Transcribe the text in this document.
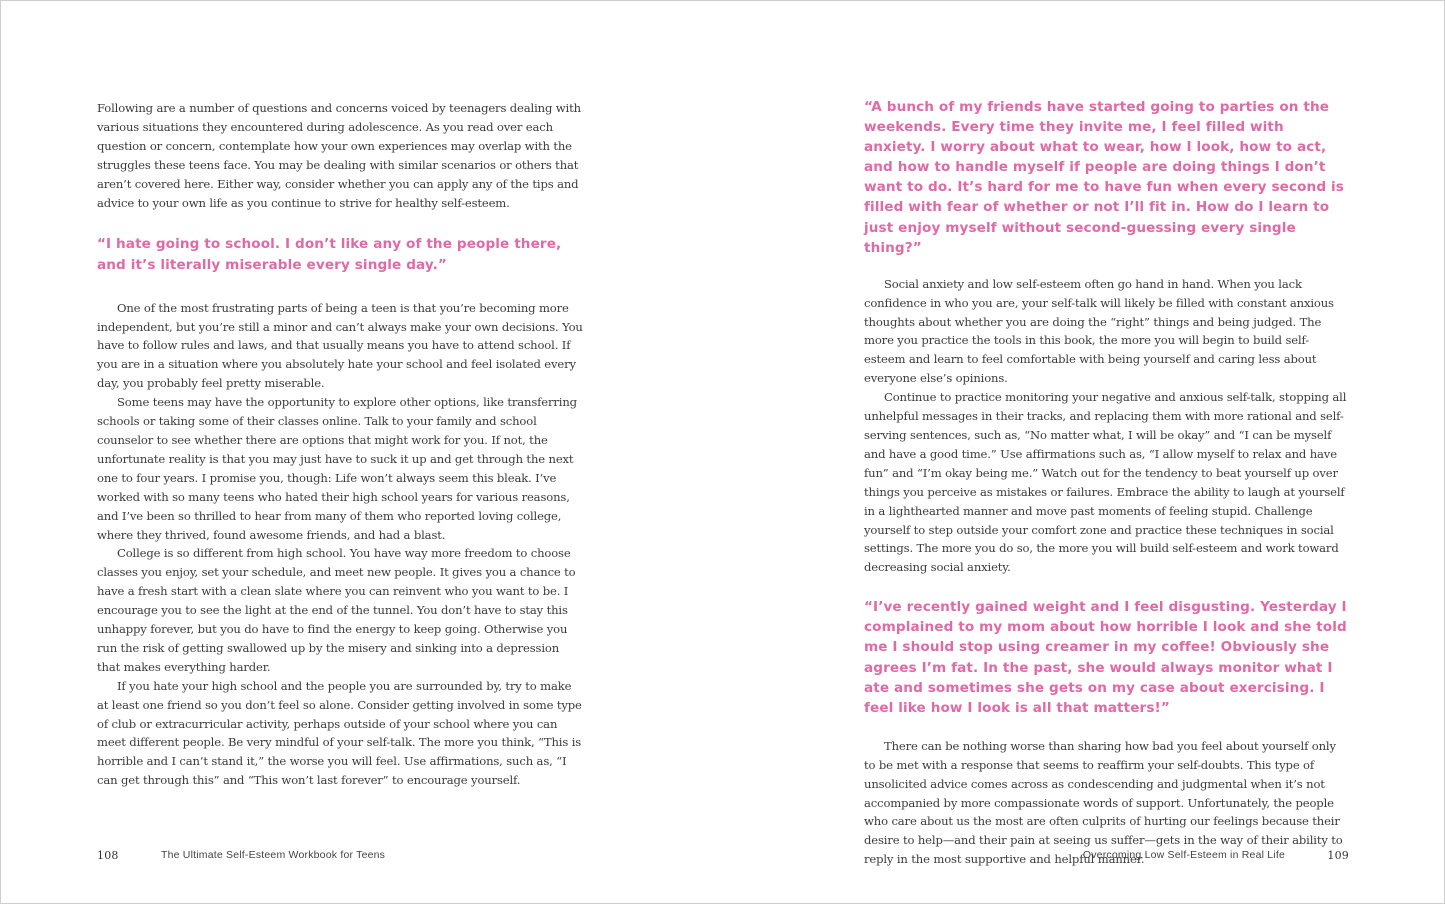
Following are a number of questions and concerns voiced by teenagers dealing with various situations they encountered during adolescence. As you read over each question or concern, contemplate how your own experiences may overlap with the struggles these teens face. You may be dealing with similar scenarios or others that aren’t covered here. Either way, consider whether you can apply any of the tips and advice to your own life as you continue to strive for healthy self-esteem.

“I hate going to school. I don’t like any of the people there, and it’s literally miserable every single day.”

One of the most frustrating parts of being a teen is that you’re becoming more independent, but you’re still a minor and can’t always make your own decisions. You have to follow rules and laws, and that usually means you have to attend school. If you are in a situation where you absolutely hate your school and feel isolated every day, you probably feel pretty miserable.

Some teens may have the opportunity to explore other options, like transferring schools or taking some of their classes online. Talk to your family and school counselor to see whether there are options that might work for you. If not, the unfortunate reality is that you may just have to suck it up and get through the next one to four years. I promise you, though: Life won’t always seem this bleak. I’ve worked with so many teens who hated their high school years for various reasons, and I’ve been so thrilled to hear from many of them who reported loving college, where they thrived, found awesome friends, and had a blast.

College is so different from high school. You have way more freedom to choose classes you enjoy, set your schedule, and meet new people. It gives you a chance to have a fresh start with a clean slate where you can reinvent who you want to be. I encourage you to see the light at the end of the tunnel. You don’t have to stay this unhappy forever, but you do have to find the energy to keep going. Otherwise you run the risk of getting swallowed up by the misery and sinking into a depression that makes everything harder.

If you hate your high school and the people you are surrounded by, try to make at least one friend so you don’t feel so alone. Consider getting involved in some type of club or extracurricular activity, perhaps outside of your school where you can meet different people. Be very mindful of your self-talk. The more you think, “This is horrible and I can’t stand it,” the worse you will feel. Use affirmations, such as, “I can get through this” and “This won’t last forever” to encourage yourself.

108	The Ultimate Self-Esteem Workbook for Teens

“A bunch of my friends have started going to parties on the weekends. Every time they invite me, I feel filled with anxiety. I worry about what to wear, how I look, how to act, and how to handle myself if people are doing things I don’t want to do. It’s hard for me to have fun when every second is filled with fear of whether or not I’ll fit in. How do I learn to just enjoy myself without second-guessing every single thing?”

Social anxiety and low self-esteem often go hand in hand. When you lack confidence in who you are, your self-talk will likely be filled with constant anxious thoughts about whether you are doing the “right” things and being judged. The more you practice the tools in this book, the more you will begin to build self-esteem and learn to feel comfortable with being yourself and caring less about everyone else’s opinions.

Continue to practice monitoring your negative and anxious self-talk, stopping all unhelpful messages in their tracks, and replacing them with more rational and self-serving sentences, such as, “No matter what, I will be okay” and “I can be myself and have a good time.” Use affirmations such as, “I allow myself to relax and have fun” and “I’m okay being me.” Watch out for the tendency to beat yourself up over things you perceive as mistakes or failures. Embrace the ability to laugh at yourself in a lighthearted manner and move past moments of feeling stupid. Challenge yourself to step outside your comfort zone and practice these techniques in social settings. The more you do so, the more you will build self-esteem and work toward decreasing social anxiety.

“I’ve recently gained weight and I feel disgusting. Yesterday I complained to my mom about how horrible I look and she told me I should stop using creamer in my coffee! Obviously she agrees I’m fat. In the past, she would always monitor what I ate and sometimes she gets on my case about exercising. I feel like how I look is all that matters!”

There can be nothing worse than sharing how bad you feel about yourself only to be met with a response that seems to reaffirm your self-doubts. This type of unsolicited advice comes across as condescending and judgmental when it’s not accompanied by more compassionate words of support. Unfortunately, the people who care about us the most are often culprits of hurting our feelings because their desire to help—and their pain at seeing us suffer—gets in the way of their ability to reply in the most supportive and helpful manner.

Overcoming Low Self-Esteem in Real Life	109
